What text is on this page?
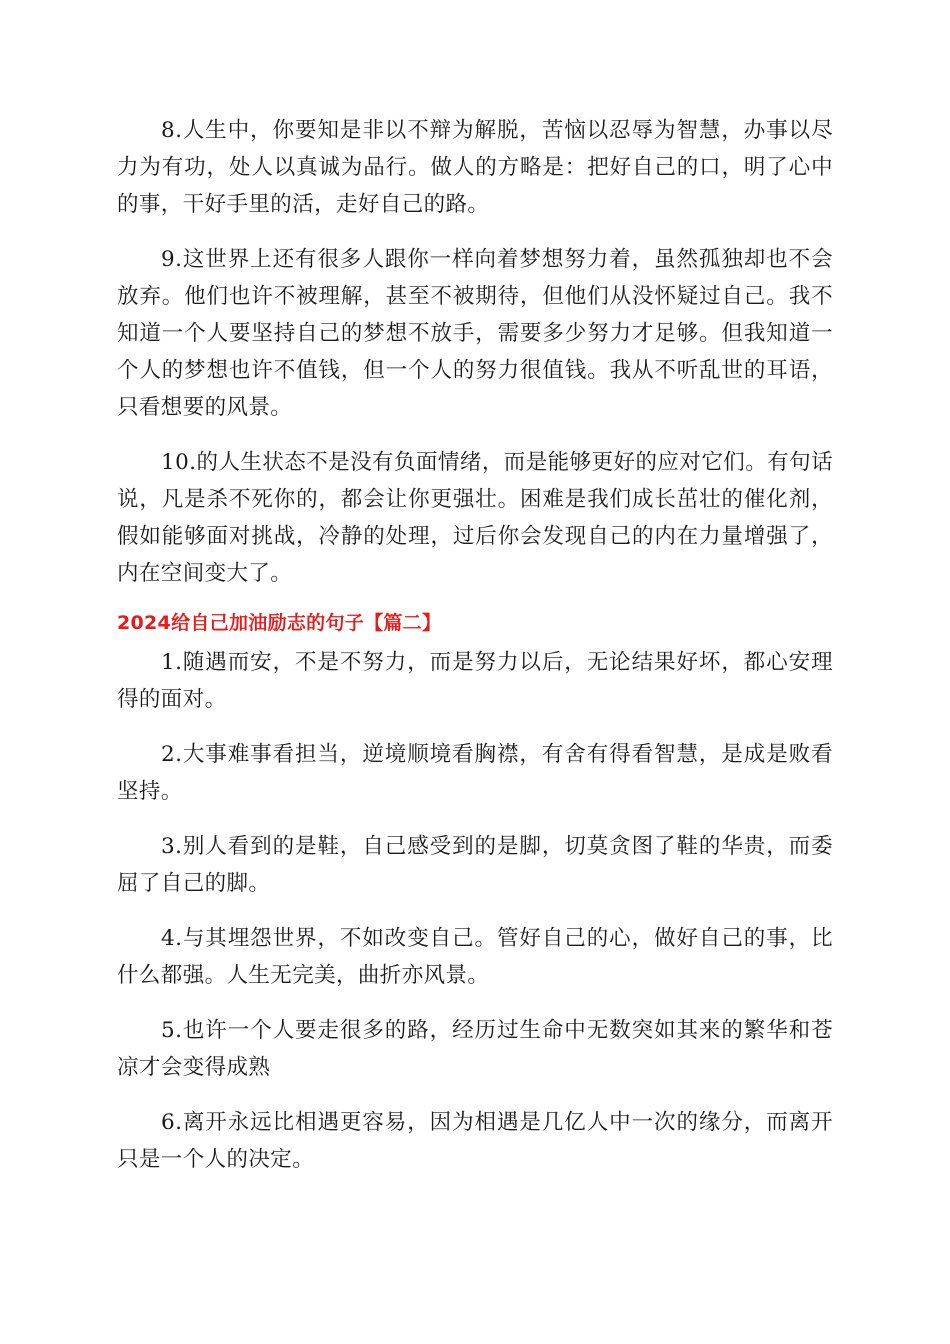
8.人生中，你要知是非以不辩为解脱，苦恼以忍辱为智慧，办事以尽力为有功，处人以真诚为品行。做人的方略是：把好自己的口，明了心中的事，干好手里的活，走好自己的路。

9.这世界上还有很多人跟你一样向着梦想努力着，虽然孤独却也不会放弃。他们也许不被理解，甚至不被期待，但他们从没怀疑过自己。我不知道一个人要坚持自己的梦想不放手，需要多少努力才足够。但我知道一个人的梦想也许不值钱，但一个人的努力很值钱。我从不听乱世的耳语，只看想要的风景。

10.的人生状态不是没有负面情绪，而是能够更好的应对它们。有句话说，凡是杀不死你的，都会让你更强壮。困难是我们成长茁壮的催化剂，假如能够面对挑战，冷静的处理，过后你会发现自己的内在力量增强了，内在空间变大了。

2024给自己加油励志的句子【篇二】

1.随遇而安，不是不努力，而是努力以后，无论结果好坏，都心安理得的面对。

2.大事难事看担当，逆境顺境看胸襟，有舍有得看智慧，是成是败看坚持。

3.别人看到的是鞋，自己感受到的是脚，切莫贪图了鞋的华贵，而委屈了自己的脚。

4.与其埋怨世界，不如改变自己。管好自己的心，做好自己的事，比什么都强。人生无完美，曲折亦风景。

5.也许一个人要走很多的路，经历过生命中无数突如其来的繁华和苍凉才会变得成熟

6.离开永远比相遇更容易，因为相遇是几亿人中一次的缘分，而离开只是一个人的决定。
